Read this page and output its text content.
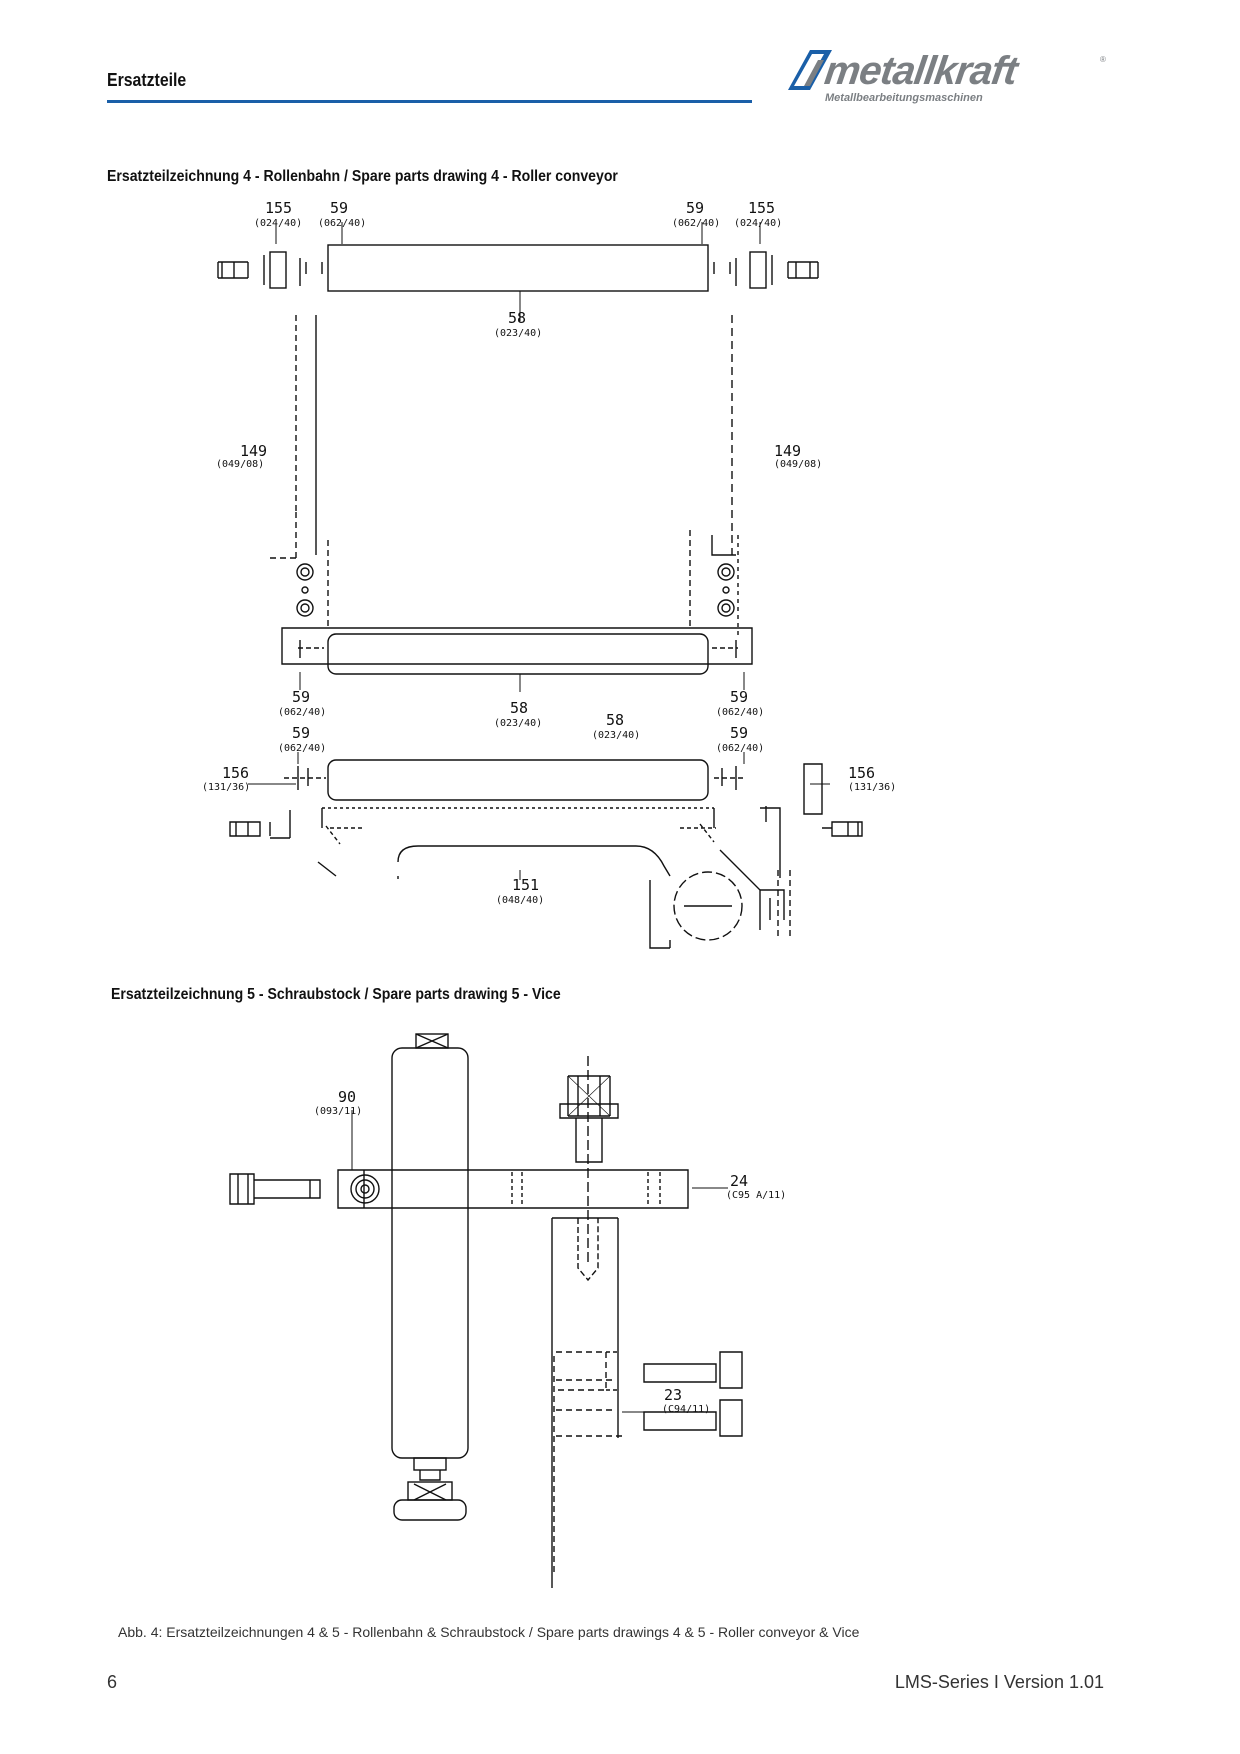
Ersatzteile	metallkraft	®
Metallbearbeitungsmaschinen
Ersatzteilzeichnung 4 - Rollenbahn / Spare parts drawing 4 - Roller conveyor
155
(024/40)
59
(062/40)
59
(062/40)
155
(024/40)
58
(023/40)
149
(049/08)
149
(049/08)
59
(062/40)	58
(023/40)	58
(023/40)
59
(062/40)
59
(062/40)
59
(062/40)
156
(131/36)
156
(131/36)
151
(048/40)
Ersatzteilzeichnung 5 - Schraubstock / Spare parts drawing 5 - Vice
90
(093/11)
24
(C95 A/11)
23
(C94/11)
Abb. 4: Ersatzteilzeichnungen 4 & 5 - Rollenbahn & Schraubstock / Spare parts drawings 4 & 5 - Roller conveyor & Vice
6	LMS-Series I Version 1.01
